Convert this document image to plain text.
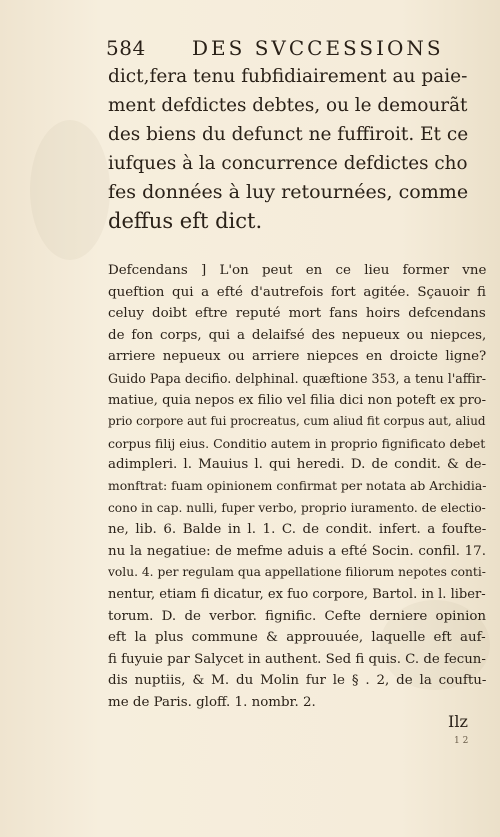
584 DES SVCCESSIONS
dict,fera tenu fubfidiairement au paie-
ment defdictes debtes, ou le demourãt
des biens du defunct ne fuffiroit. Et ce
iufques à la concurrence defdictes cho
fes données à luy retournées, comme
deffus eft dict.
Defcendans ] L'on peut en ce lieu former vne
queftion qui a efté d'autrefois fort agitée. Sçauoir fi
celuy doibt eftre reputé mort fans hoirs defcendans
de fon corps, qui a delaifsé des nepueux ou niepces,
arriere nepueux ou arriere niepces en droicte ligne?
Guido Papa decifio. delphinal. quæftione 353, a tenu l'affir-
matiue, quia nepos ex filio vel filia dici non poteft ex pro-
prio corpore aut fui procreatus, cum aliud fit corpus aut, aliud
corpus filij eius. Conditio autem in proprio fignificato debet
adimpleri. l. Mauius l. qui heredi. D. de condit. & de-
monftrat: fuam opinionem confirmat per notata ab Archidia-
cono in cap. nulli, fuper verbo, proprio iuramento. de electio-
ne, lib. 6. Balde in l. 1. C. de condit. infert. a foufte-
nu la negatiue: de mefme aduis a efté Socin. confil. 17.
volu. 4. per regulam qua appellatione filiorum nepotes conti-
nentur, etiam fi dicatur, ex fuo corpore, Bartol. in l. liber-
torum. D. de verbor. fignific. Cefte derniere opinion
eft la plus commune & approuuée, laquelle eft auf-
fi fuyuie par Salycet in authent. Sed fi quis. C. de fecun-
dis nuptiis, & M. du Molin fur le § . 2, de la couftu-
me de Paris. gloff. 1. nombr. 2.
Ilz
1 2
